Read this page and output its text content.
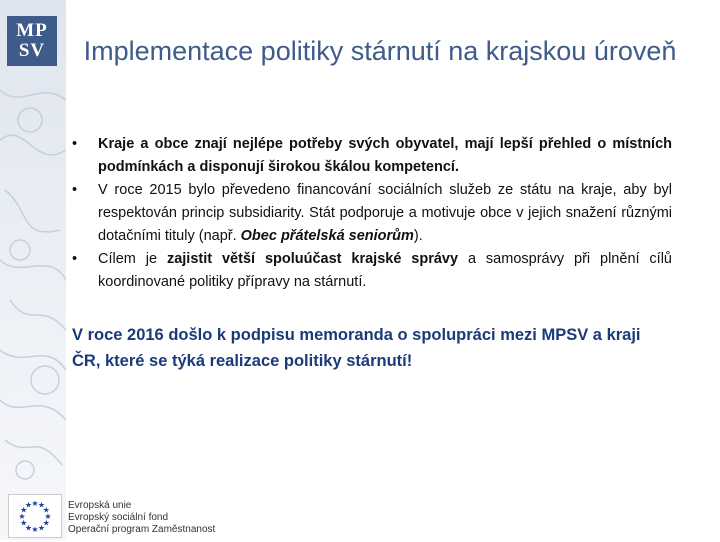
MP
SV Implementace politiky stárnutí na krajskou úroveň
• Kraje a obce znají nejlépe potřeby svých obyvatel, mají lepší přehled o místních podmínkách a disponují širokou škálou kompetencí.
• V roce 2015 bylo převedeno financování sociálních služeb ze státu na kraje, aby byl respektován princip subsidiarity. Stát podporuje a motivuje obce v jejich snažení různými dotačními tituly (např. Obec přátelská seniorům).
• Cílem je zajistit větší spoluúčast krajské správy a samosprávy při plnění cílů koordinované politiky přípravy na stárnutí.
V roce 2016 došlo k podpisu memoranda o spolupráci mezi MPSV a kraji ČR, které se týká realizace politiky stárnutí!
★
★
★
★
★
★
★
★
★ ★ ★
★ Evropská unie
Evropský sociální fond
Operační program Zaměstnanost
